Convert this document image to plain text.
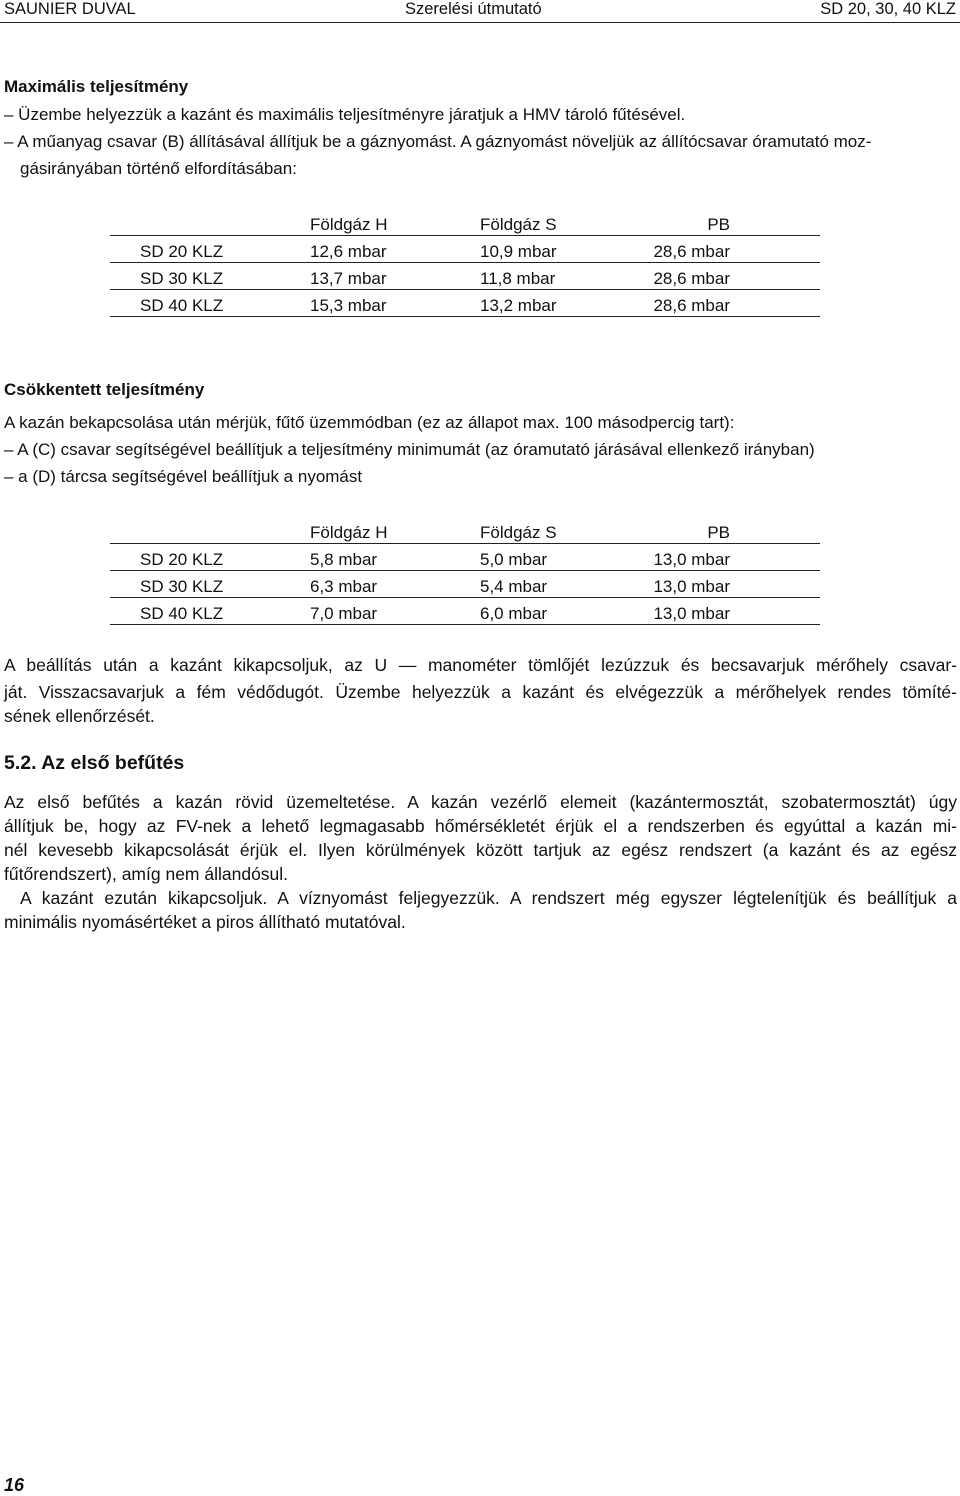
SAUNIER DUVAL	Szerelési útmutató	SD 20, 30, 40 KLZ
Maximális teljesítmény

– Üzembe helyezzük a kazánt és maximális teljesítményre járatjuk a HMV tároló fűtésével.

– A műanyag csavar (B) állításával állítjuk be a gáznyomást. A gáznyomást növeljük az állítócsavar óramutató moz-

gásirányában történő elfordításában:

	Földgáz H	Földgáz S	PB
SD 20 KLZ	12,6 mbar	10,9 mbar	28,6 mbar
SD 30 KLZ	13,7 mbar	11,8 mbar	28,6 mbar
SD 40 KLZ	15,3 mbar	13,2 mbar	28,6 mbar
Csökkentett teljesítmény

A kazán bekapcsolása után mérjük, fűtő üzemmódban (ez az állapot max. 100 másodpercig tart):

– A (C) csavar segítségével beállítjuk a teljesítmény minimumát (az óramutató járásával ellenkező irányban)

– a (D) tárcsa segítségével beállítjuk a nyomást

	Földgáz H	Földgáz S	PB
SD 20 KLZ	5,8 mbar	5,0 mbar	13,0 mbar
SD 30 KLZ	6,3 mbar	5,4 mbar	13,0 mbar
SD 40 KLZ	7,0 mbar	6,0 mbar	13,0 mbar

A beállítás után a kazánt kikapcsoljuk, az U — manométer tömlőjét lezúzzuk és becsavarjuk mérőhely csavar-

ját. Visszacsavarjuk a fém védődugót. Üzembe helyezzük a kazánt és elvégezzük a mérőhelyek rendes tömíté-

sének ellenőrzését.

5.2. Az első befűtés

Az első befűtés a kazán rövid üzemeltetése. A kazán vezérlő elemeit (kazántermosztát, szobatermosztát) úgy

állítjuk be, hogy az FV-nek a lehető legmagasabb hőmérsékletét érjük el a rendszerben és egyúttal a kazán mi-

nél kevesebb kikapcsolását érjük el. Ilyen körülmények között tartjuk az egész rendszert (a kazánt és az egész

fűtőrendszert), amíg nem állandósul.

A kazánt ezután kikapcsoljuk. A víznyomást feljegyezzük. A rendszert még egyszer légtelenítjük és beállítjuk a

minimális nyomásértéket a piros állítható mutatóval.

16
